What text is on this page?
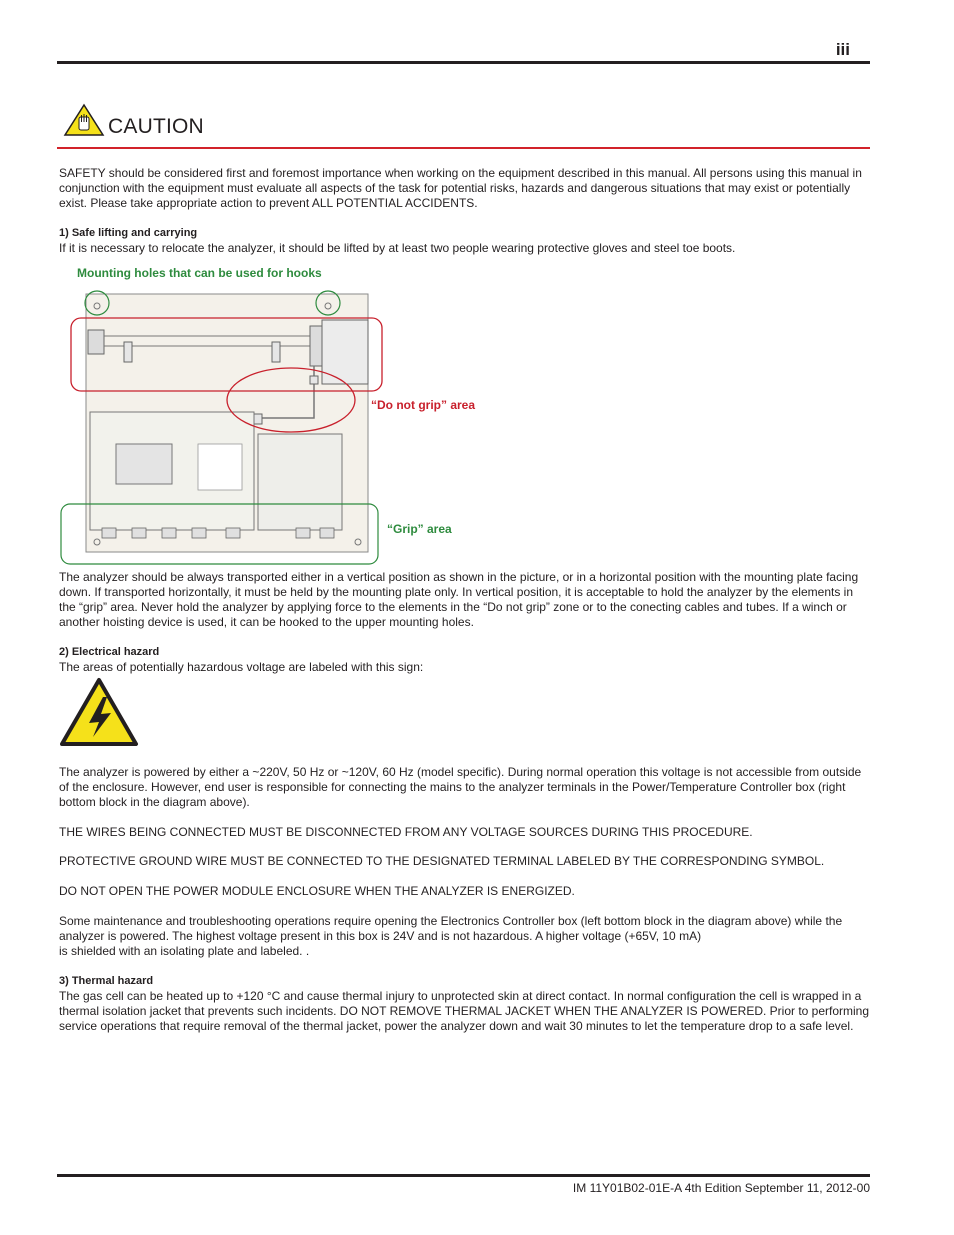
iii
CAUTION

SAFETY should be considered first and foremost importance when working on the equipment described in this manual. All persons using this manual in conjunction with the equipment must evaluate all aspects of the task for potential risks, hazards and dangerous situations that may exist or potentially exist. Please take appropriate action to prevent ALL POTENTIAL ACCIDENTS.

1) Safe lifting and carrying

If it is necessary to relocate the analyzer, it should be lifted by at least two people wearing protective gloves and steel toe boots.

Mounting holes that can be used for hooks
“Do not grip” area
“Grip” area

The analyzer should be always transported either in a vertical position as shown in the picture, or in a horizontal position with the mounting plate facing down. If transported horizontally, it must be held by the mounting plate only. In vertical position, it is acceptable to hold the analyzer by the elements in the “grip” area. Never hold the analyzer by applying force to the elements in the “Do not grip” zone or to the conecting cables and tubes. If a winch or another hoisting device is used, it can be hooked to the upper mounting holes.

2) Electrical hazard

The areas of potentially hazardous voltage are labeled with this sign:

The analyzer is powered by either a ~220V, 50 Hz or ~120V, 60 Hz (model specific). During normal operation this voltage is not accessible from outside of the enclosure. However, end user is responsible for connecting the mains to the analyzer terminals in the Power/Temperature Controller box (right bottom block in the diagram above).

THE WIRES BEING CONNECTED MUST BE DISCONNECTED FROM ANY VOLTAGE SOURCES DURING THIS PROCEDURE.

PROTECTIVE GROUND WIRE MUST BE CONNECTED TO THE DESIGNATED TERMINAL LABELED BY THE CORRESPONDING SYMBOL.

DO NOT OPEN THE POWER MODULE ENCLOSURE WHEN THE ANALYZER IS ENERGIZED.

Some maintenance and troubleshooting operations require opening the Electronics Controller box (left bottom block in the diagram above) while the analyzer is powered. The highest voltage present in this box is 24V and is not hazardous. A higher voltage (+65V, 10 mA)

is shielded with an isolating plate and labeled. .

3) Thermal hazard

The gas cell can be heated up to +120 °C and cause thermal injury to unprotected skin at direct contact. In normal configuration the cell is wrapped in a thermal isolation jacket that prevents such incidents. DO NOT REMOVE THERMAL JACKET WHEN THE ANALYZER IS POWERED. Prior to performing service operations that require removal of the thermal jacket, power the analyzer down and wait 30 minutes to let the temperature drop to a safe level.

IM 11Y01B02-01E-A 4th Edition September 11, 2012-00
